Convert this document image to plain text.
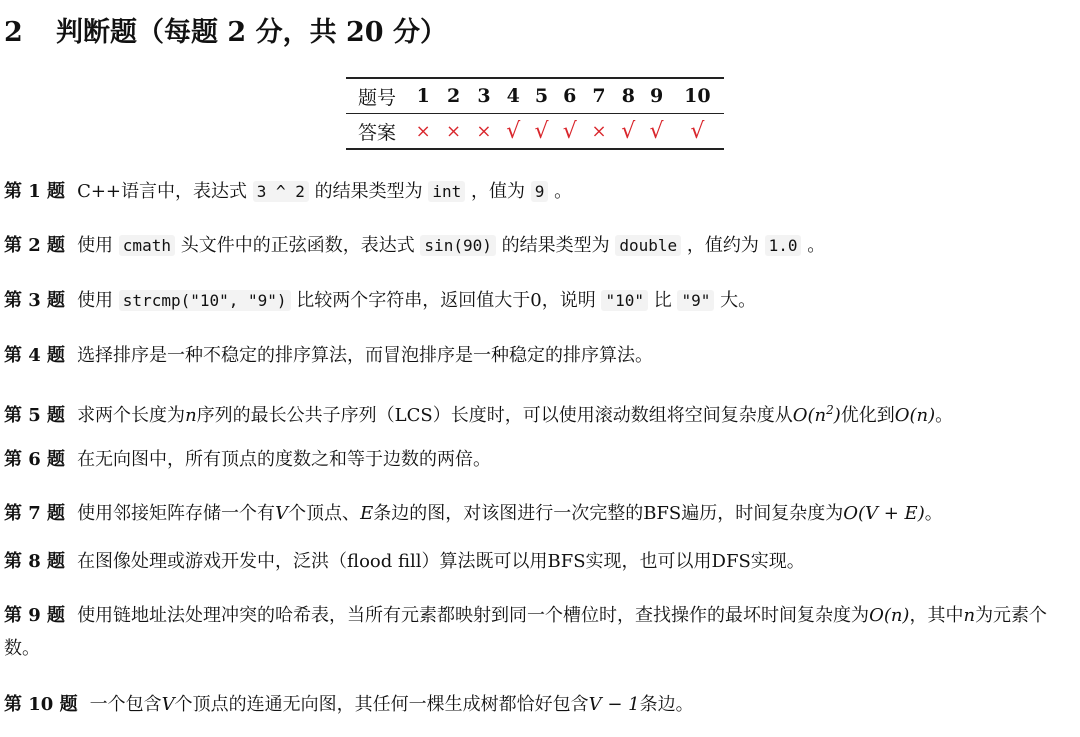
2 判断题（每题 2 分，共 20 分）
题号	1	2	3	4	5	6	7	8	9	10
答案	×	×	×	√	√	√	×	√	√	√
第 1 题 C++语言中，表达式 3 ^ 2 的结果类型为 int ，值为 9 。
第 2 题 使用 cmath 头文件中的正弦函数，表达式 sin(90) 的结果类型为 double ，值约为 1.0 。
第 3 题 使用 strcmp("10", "9") 比较两个字符串，返回值大于0，说明 "10" 比 "9" 大。
第 4 题 选择排序是一种不稳定的排序算法，而冒泡排序是一种稳定的排序算法。
第 5 题 求两个长度为n序列的最长公共子序列（LCS）长度时，可以使用滚动数组将空间复杂度从$O(n^2)$优化到O(n)。
第 6 题 在无向图中，所有顶点的度数之和等于边数的两倍。
第 7 题 使用邻接矩阵存储一个有V个顶点、E条边的图，对该图进行一次完整的BFS遍历，时间复杂度为O(V + E)。
第 8 题 在图像处理或游戏开发中，泛洪（flood fill）算法既可以用BFS实现，也可以用DFS实现。
第 9 题 使用链地址法处理冲突的哈希表，当所有元素都映射到同一个槽位时，查找操作的最坏时间复杂度为O(n)，其中n为元素个数。
第 10 题 一个包含V个顶点的连通无向图，其任何一棵生成树都恰好包含V − 1条边。
